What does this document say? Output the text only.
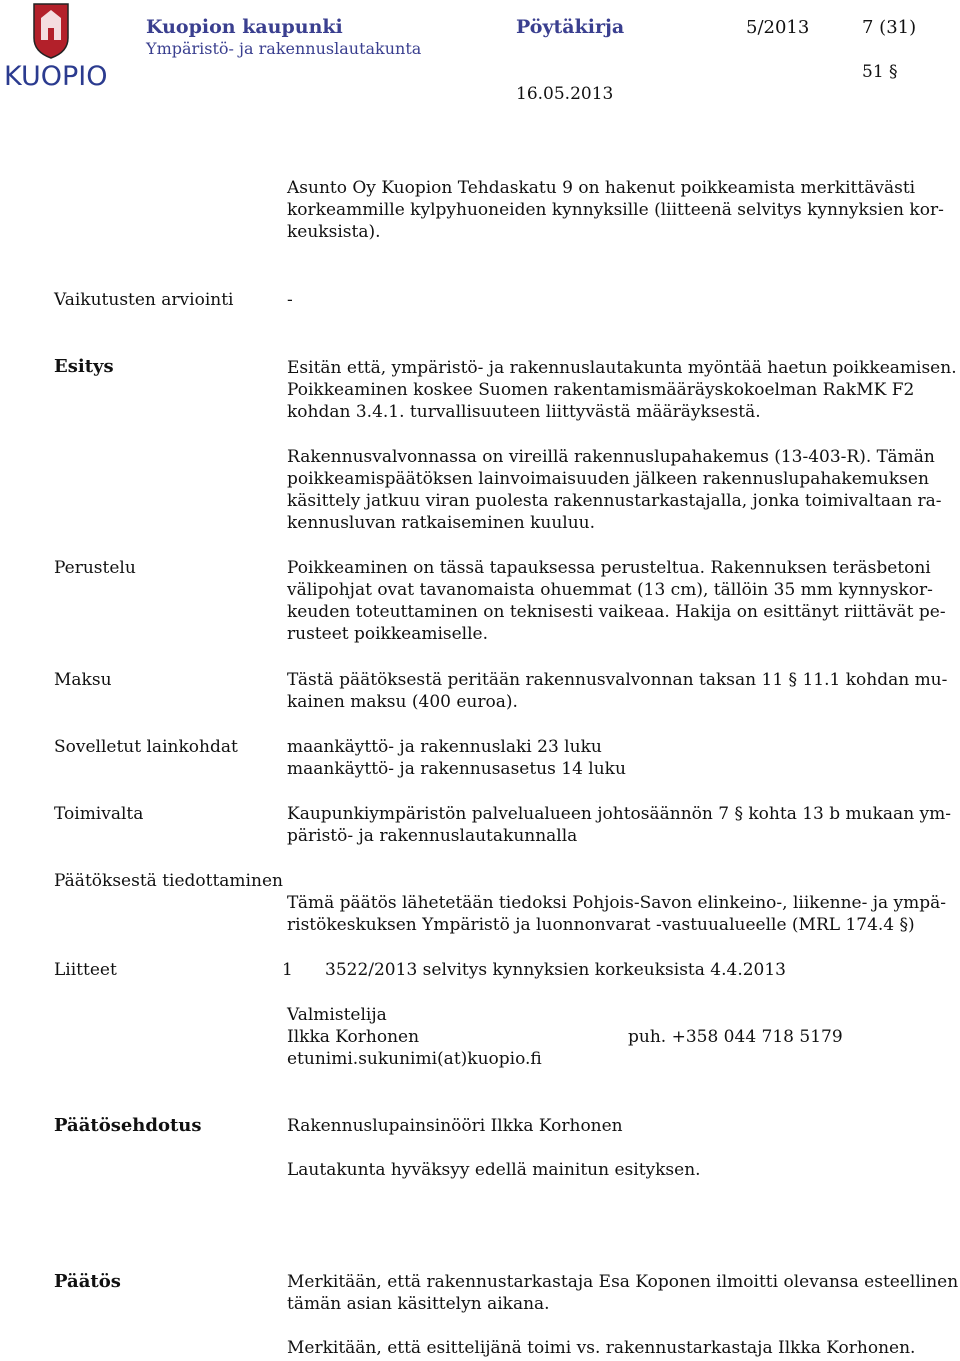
KUOPIO
Kuopion kaupunki
Ympäristö- ja rakennuslautakunta
Pöytäkirja	5/2013	7 (31)
51 §
16.05.2013
Asunto Oy Kuopion Tehdaskatu 9 on hakenut poikkeamista merkittävästi
korkeammille kylpyhuoneiden kynnyksille (liitteenä selvitys kynnyksien kor-
keuksista).
Vaikutusten arviointi	-
Esitys	Esitän että, ympäristö- ja rakennuslautakunta myöntää haetun poikkeamisen.
Poikkeaminen koskee Suomen rakentamismääräyskokoelman RakMK F2
kohdan 3.4.1. turvallisuuteen liittyvästä määräyksestä.
Rakennusvalvonnassa on vireillä rakennuslupahakemus (13-403-R). Tämän
poikkeamispäätöksen lainvoimaisuuden jälkeen rakennuslupahakemuksen
käsittely jatkuu viran puolesta rakennustarkastajalla, jonka toimivaltaan ra-
kennusluvan ratkaiseminen kuuluu.
Perustelu	Poikkeaminen on tässä tapauksessa perusteltua. Rakennuksen teräsbetoni
välipohjat ovat tavanomaista ohuemmat (13 cm), tällöin 35 mm kynnyskor-
keuden toteuttaminen on teknisesti vaikeaa. Hakija on esittänyt riittävät pe-
rusteet poikkeamiselle.
Maksu	Tästä päätöksestä peritään rakennusvalvonnan taksan 11 § 11.1 kohdan mu-
kainen maksu (400 euroa).
Sovelletut lainkohdat	maankäyttö- ja rakennuslaki 23 luku
maankäyttö- ja rakennusasetus 14 luku
Toimivalta	Kaupunkiympäristön palvelualueen johtosäännön 7 § kohta 13 b mukaan ym-
päristö- ja rakennuslautakunnalla
Päätöksestä tiedottaminen
Tämä päätös lähetetään tiedoksi Pohjois-Savon elinkeino-, liikenne- ja ympä-
ristökeskuksen Ympäristö ja luonnonvarat -vastuualueelle (MRL 174.4 §)
Liitteet	1 3522/2013 selvitys kynnyksien korkeuksista 4.4.2013
Valmistelija
Ilkka Korhonen
etunimi.sukunimi(at)kuopio.fi
puh. +358 044 718 5179
Päätösehdotus	Rakennuslupainsinööri Ilkka Korhonen
Lautakunta hyväksyy edellä mainitun esityksen.
Päätös	Merkitään, että rakennustarkastaja Esa Koponen ilmoitti olevansa esteellinen
tämän asian käsittelyn aikana.
Merkitään, että esittelijänä toimi vs. rakennustarkastaja Ilkka Korhonen.
